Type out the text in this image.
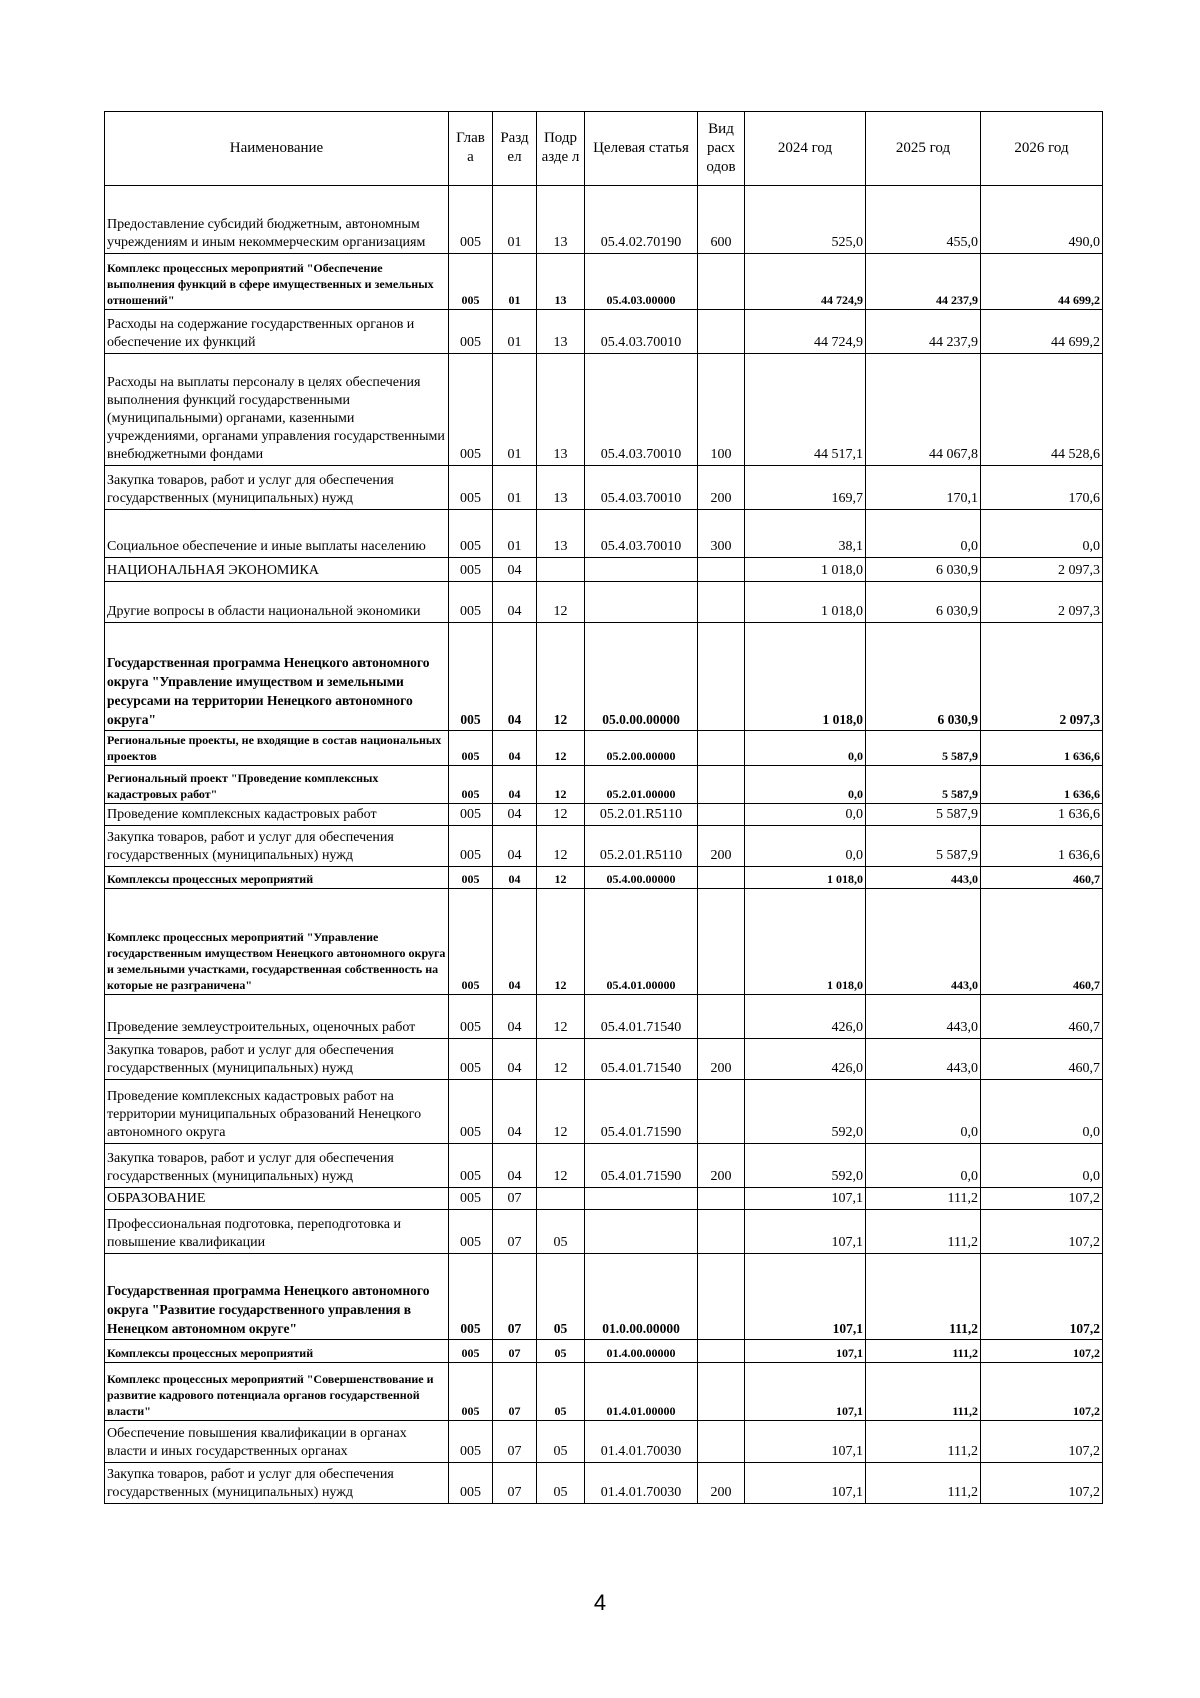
Наименование	Глав а	Разд ел	Подр азде л	Целевая статья	Вид расх одов	2024 год	2025 год	2026 год
Предоставление субсидий бюджетным, автономным учреждениям и иным некоммерческим организациям	005	01	13	05.4.02.70190	600	525,0	455,0	490,0
Комплекс процессных мероприятий "Обеспечение выполнения функций в сфере имущественных и земельных отношений"	005	01	13	05.4.03.00000		44 724,9	44 237,9	44 699,2
Расходы на содержание государственных органов и обеспечение их функций	005	01	13	05.4.03.70010		44 724,9	44 237,9	44 699,2
Расходы на выплаты персоналу в целях обеспечения выполнения функций государственными (муниципальными) органами, казенными учреждениями, органами управления государственными внебюджетными фондами	005	01	13	05.4.03.70010	100	44 517,1	44 067,8	44 528,6
Закупка товаров, работ и услуг для обеспечения государственных (муниципальных) нужд	005	01	13	05.4.03.70010	200	169,7	170,1	170,6
Социальное обеспечение и иные выплаты населению	005	01	13	05.4.03.70010	300	38,1	0,0	0,0
НАЦИОНАЛЬНАЯ ЭКОНОМИКА	005	04				1 018,0	6 030,9	2 097,3
Другие вопросы в области национальной экономики	005	04	12			1 018,0	6 030,9	2 097,3
Государственная программа Ненецкого автономного округа "Управление имуществом и земельными ресурсами на территории Ненецкого автономного округа"	005	04	12	05.0.00.00000		1 018,0	6 030,9	2 097,3
Региональные проекты, не входящие в состав национальных проектов	005	04	12	05.2.00.00000		0,0	5 587,9	1 636,6
Региональный проект "Проведение комплексных кадастровых работ"	005	04	12	05.2.01.00000		0,0	5 587,9	1 636,6
Проведение комплексных кадастровых работ	005	04	12	05.2.01.R5110		0,0	5 587,9	1 636,6
Закупка товаров, работ и услуг для обеспечения государственных (муниципальных) нужд	005	04	12	05.2.01.R5110	200	0,0	5 587,9	1 636,6
Комплексы процессных мероприятий	005	04	12	05.4.00.00000		1 018,0	443,0	460,7
Комплекс процессных мероприятий "Управление государственным имуществом Ненецкого автономного округа и земельными участками, государственная собственность на которые не разграничена"	005	04	12	05.4.01.00000		1 018,0	443,0	460,7
Проведение землеустроительных, оценочных работ	005	04	12	05.4.01.71540		426,0	443,0	460,7
Закупка товаров, работ и услуг для обеспечения государственных (муниципальных) нужд	005	04	12	05.4.01.71540	200	426,0	443,0	460,7
Проведение комплексных кадастровых работ на территории муниципальных образований Ненецкого автономного округа	005	04	12	05.4.01.71590		592,0	0,0	0,0
Закупка товаров, работ и услуг для обеспечения государственных (муниципальных) нужд	005	04	12	05.4.01.71590	200	592,0	0,0	0,0
ОБРАЗОВАНИЕ	005	07				107,1	111,2	107,2
Профессиональная подготовка, переподготовка и повышение квалификации	005	07	05			107,1	111,2	107,2
Государственная программа Ненецкого автономного округа "Развитие государственного управления в Ненецком автономном округе"	005	07	05	01.0.00.00000		107,1	111,2	107,2
Комплексы процессных мероприятий	005	07	05	01.4.00.00000		107,1	111,2	107,2
Комплекс процессных мероприятий "Совершенствование и развитие кадрового потенциала органов государственной власти"	005	07	05	01.4.01.00000		107,1	111,2	107,2
Обеспечение повышения квалификации в органах власти и иных государственных органах	005	07	05	01.4.01.70030		107,1	111,2	107,2
Закупка товаров, работ и услуг для обеспечения государственных (муниципальных) нужд	005	07	05	01.4.01.70030	200	107,1	111,2	107,2
4
